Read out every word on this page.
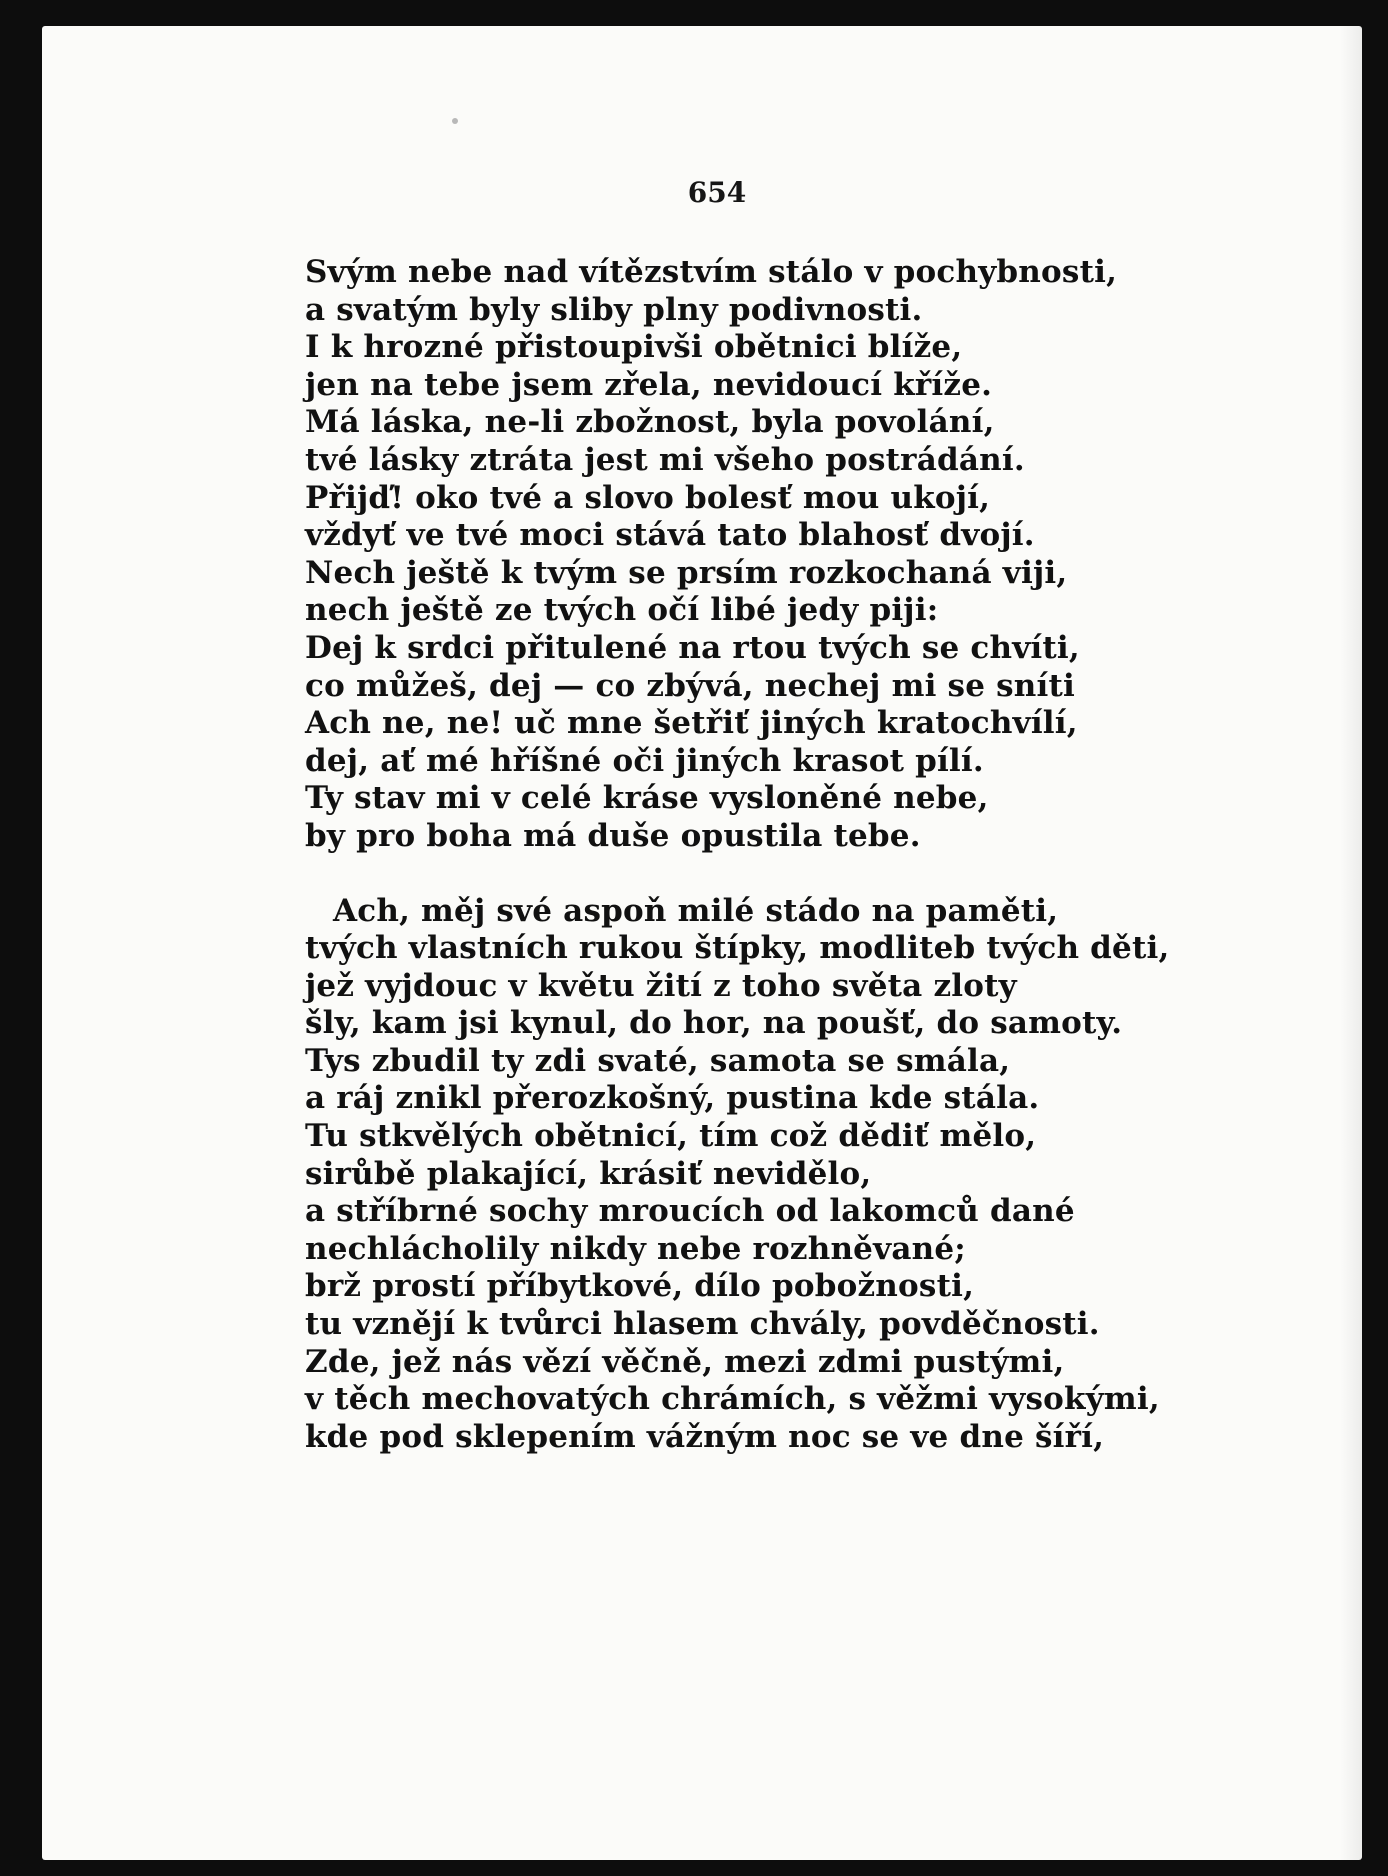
654
Svým nebe nad vítězstvím stálo v pochybnosti,
a svatým byly sliby plny podivnosti.
I k hrozné přistoupivši obětnici blíže,
jen na tebe jsem zřela, nevidoucí kříže.
Má láska, ne-li zbožnost, byla povolání,
tvé lásky ztráta jest mi všeho postrádání.
Přijď! oko tvé a slovo bolesť mou ukojí,
vždyť ve tvé moci stává tato blahosť dvojí.
Nech ještě k tvým se prsím rozkochaná viji,
nech ještě ze tvých očí libé jedy piji:
Dej k srdci přitulené na rtou tvých se chvíti,
co můžeš, dej — co zbývá, nechej mi se sníti
Ach ne, ne! uč mne šetřiť jiných kratochvílí,
dej, ať mé hříšné oči jiných krasot pílí.
Ty stav mi v celé kráse vysloněné nebe,
by pro boha má duše opustila tebe.
Ach, měj své aspoň milé stádo na paměti,
tvých vlastních rukou štípky, modliteb tvých děti,
jež vyjdouc v květu žití z toho světa zloty
šly, kam jsi kynul, do hor, na poušť, do samoty.
Tys zbudil ty zdi svaté, samota se smála,
a ráj znikl přerozkošný, pustina kde stála.
Tu stkvělých obětnicí, tím což dědiť mělo,
sirůbě plakající, krásiť nevidělo,
a stříbrné sochy mroucích od lakomců dané
nechlácholily nikdy nebe rozhněvané;
brž prostí příbytkové, dílo pobožnosti,
tu vznějí k tvůrci hlasem chvály, povděčnosti.
Zde, jež nás vězí věčně, mezi zdmi pustými,
v těch mechovatých chrámích, s věžmi vysokými,
kde pod sklepením vážným noc se ve dne šíří,
